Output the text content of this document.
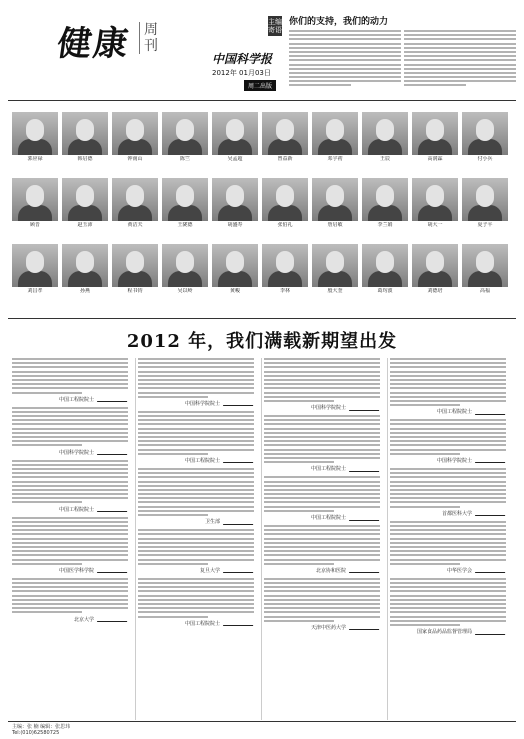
健康 周刊
中国科学报
2012年 01月03日
周二出版
主编寄语
你们的支持，我们的动力
郭应禄	韩启德	钟南山	陈竺	吴孟超	曾益新	邓宇初	王辰	高润霖	付小兵
顾晋	赵玉沛	黄洁夫	王陇德	胡盛寿	张伯礼	詹启敏	李兰娟	胡大一	夏子平
刘昌孝	孙燕	程书钧	吴以岭	黄峻	李林	殷大奎	葛均波	刘德培	高福
2012 年，我们满载新期望出发
中国工程院院士
中国科学院院士
中国工程院院士
中国医学科学院
北京大学
中国科学院院士
中国工程院院士
卫生部
复旦大学
中国工程院院士
中国科学院院士
中国工程院院士
中国工程院院士
北京协和医院
天津中医药大学
中国工程院院士
中国科学院院士
首都医科大学
中华医学会
国家食品药品监督管理局
主编：张 楠 编辑：张思玮
Tel:(010)62580725
